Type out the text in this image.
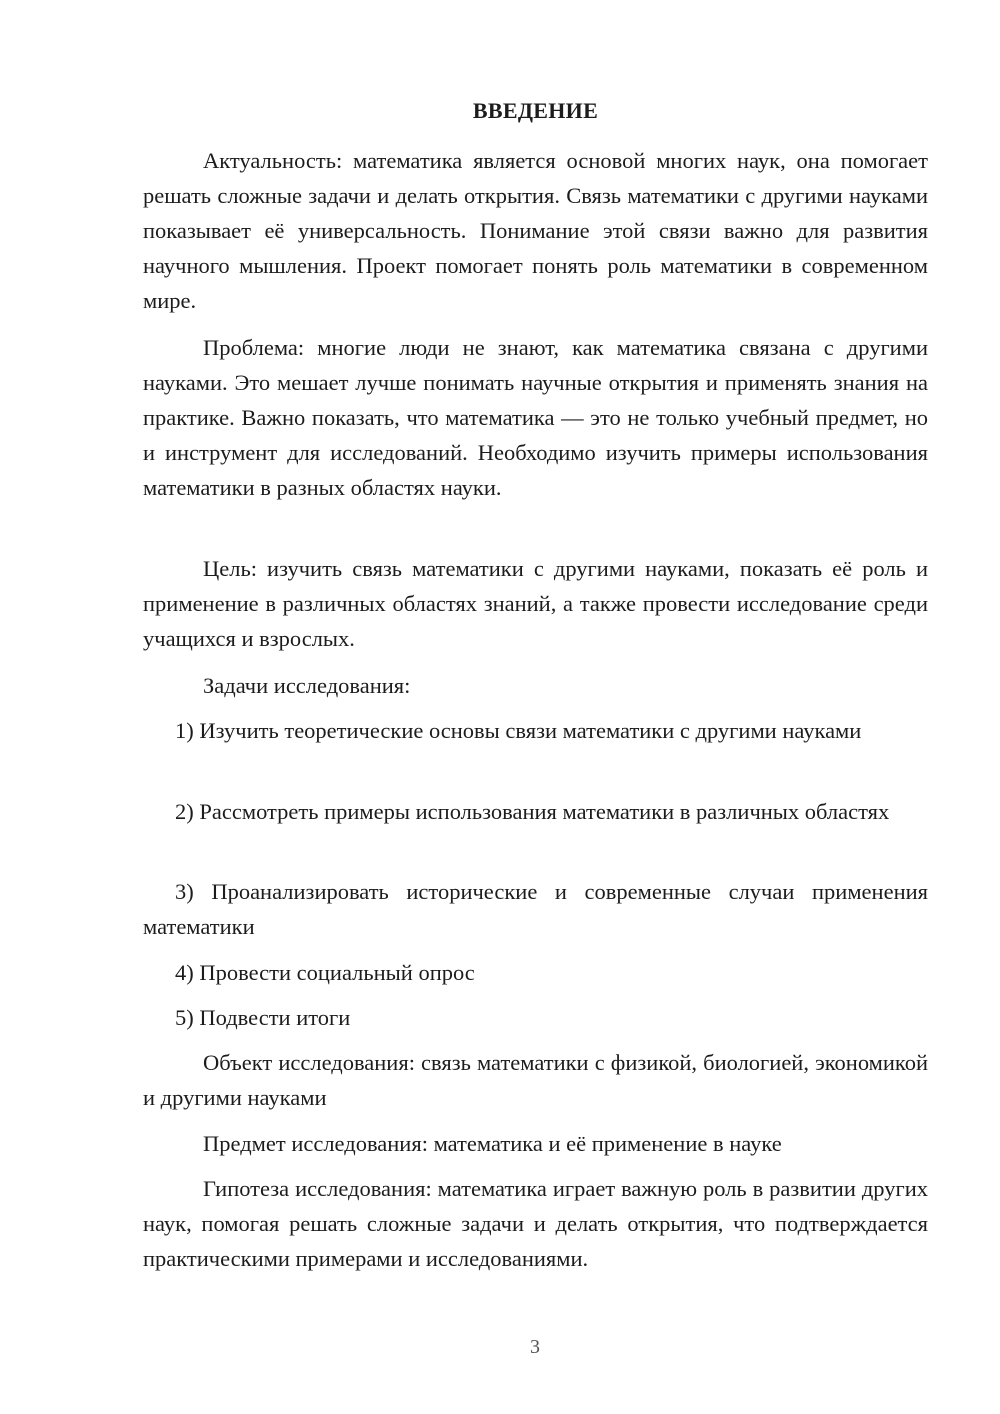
ВВЕДЕНИЕ

Актуальность: математика является основой многих наук, она помогает решать сложные задачи и делать открытия. Связь математики с другими науками показывает её универсальность. Понимание этой связи важно для развития научного мышления. Проект помогает понять роль математики в современном мире.

Проблема: многие люди не знают, как математика связана с другими науками. Это мешает лучше понимать научные открытия и применять знания на практике. Важно показать, что математика — это не только учебный предмет, но и инструмент для исследований. Необходимо изучить примеры использования математики в разных областях науки.

Цель: изучить связь математики с другими науками, показать её роль и применение в различных областях знаний, а также провести исследование среди учащихся и взрослых.

Задачи исследования:

1) Изучить теоретические основы связи математики с другими науками

2) Рассмотреть примеры использования математики в различных областях

3) Проанализировать исторические и современные случаи применения математики

4) Провести социальный опрос

5) Подвести итоги

Объект исследования: связь математики с физикой, биологией, экономикой и другими науками

Предмет исследования: математика и её применение в науке

Гипотеза исследования: математика играет важную роль в развитии других наук, помогая решать сложные задачи и делать открытия, что подтверждается практическими примерами и исследованиями.

3
